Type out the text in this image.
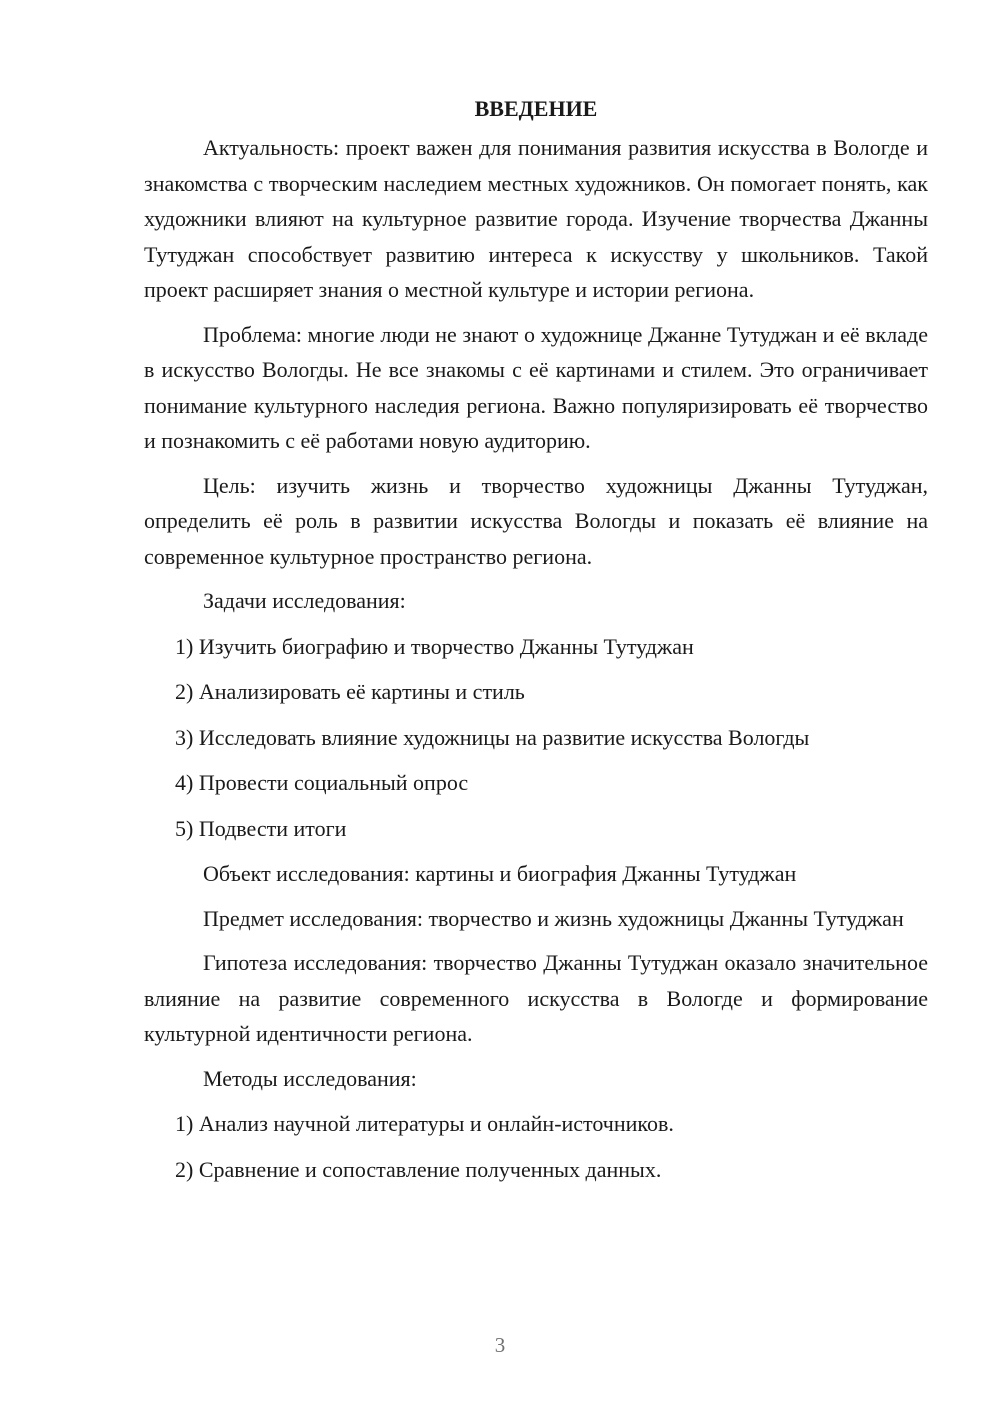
ВВЕДЕНИЕ

Актуальность: проект важен для понимания развития искусства в Вологде и знакомства с творческим наследием местных художников. Он помогает понять, как художники влияют на культурное развитие города. Изучение творчества Джанны Тутуджан способствует развитию интереса к искусству у школьников. Такой проект расширяет знания о местной культуре и истории региона.

Проблема: многие люди не знают о художнице Джанне Тутуджан и её вкладе в искусство Вологды. Не все знакомы с её картинами и стилем. Это ограничивает понимание культурного наследия региона. Важно популяризировать её творчество и познакомить с её работами новую аудиторию.

Цель: изучить жизнь и творчество художницы Джанны Тутуджан, определить её роль в развитии искусства Вологды и показать её влияние на современное культурное пространство региона.

Задачи исследования:

1) Изучить биографию и творчество Джанны Тутуджан

2) Анализировать её картины и стиль

3) Исследовать влияние художницы на развитие искусства Вологды

4) Провести социальный опрос

5) Подвести итоги

Объект исследования: картины и биография Джанны Тутуджан

Предмет исследования: творчество и жизнь художницы Джанны Тутуджан

Гипотеза исследования: творчество Джанны Тутуджан оказало значительное влияние на развитие современного искусства в Вологде и формирование культурной идентичности региона.

Методы исследования:

1) Анализ научной литературы и онлайн-источников.

2) Сравнение и сопоставление полученных данных.

3
